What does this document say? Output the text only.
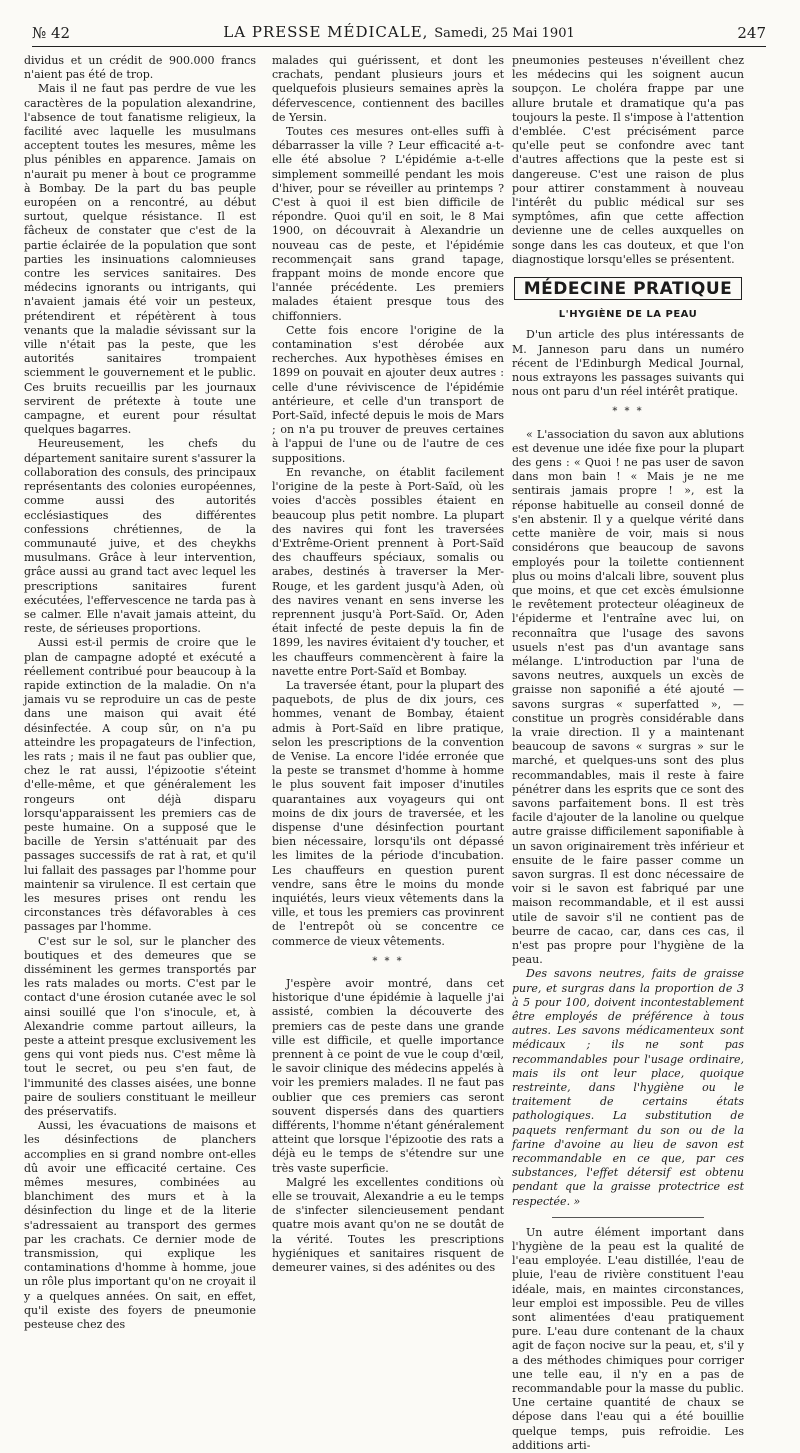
№ 42	LA PRESSE MÉDICALE, Samedi, 25 Mai 1901	247

dividus et un crédit de 900.000 francs n'aient pas été de trop.

Mais il ne faut pas perdre de vue les caractères de la population alexandrine, l'absence de tout fanatisme religieux, la facilité avec laquelle les musulmans acceptent toutes les mesures, même les plus pénibles en apparence. Jamais on n'aurait pu mener à bout ce programme à Bombay. De la part du bas peuple européen on a rencontré, au début surtout, quelque résistance. Il est fâcheux de constater que c'est de la partie éclairée de la population que sont parties les insinuations calomnieuses contre les services sanitaires. Des médecins ignorants ou intrigants, qui n'avaient jamais été voir un pesteux, prétendirent et répétèrent à tous venants que la maladie sévissant sur la ville n'était pas la peste, que les autorités sanitaires trompaient sciemment le gouvernement et le public. Ces bruits recueillis par les journaux servirent de prétexte à toute une campagne, et eurent pour résultat quelques bagarres.

Heureusement, les chefs du département sanitaire surent s'assurer la collaboration des consuls, des principaux représentants des colonies européennes, comme aussi des autorités ecclésiastiques des différentes confessions chrétiennes, de la communauté juive, et des cheykhs musulmans. Grâce à leur intervention, grâce aussi au grand tact avec lequel les prescriptions sanitaires furent exécutées, l'effervescence ne tarda pas à se calmer. Elle n'avait jamais atteint, du reste, de sérieuses proportions.

Aussi est-il permis de croire que le plan de campagne adopté et exécuté a réellement contribué pour beaucoup à la rapide extinction de la maladie. On n'a jamais vu se reproduire un cas de peste dans une maison qui avait été désinfectée. A coup sûr, on n'a pu atteindre les propagateurs de l'infection, les rats ; mais il ne faut pas oublier que, chez le rat aussi, l'épizootie s'éteint d'elle-même, et que généralement les rongeurs ont déjà disparu lorsqu'apparaissent les premiers cas de peste humaine. On a supposé que le bacille de Yersin s'atténuait par des passages successifs de rat à rat, et qu'il lui fallait des passages par l'homme pour maintenir sa virulence. Il est certain que les mesures prises ont rendu les circonstances très défavorables à ces passages par l'homme.

C'est sur le sol, sur le plancher des boutiques et des demeures que se disséminent les germes transportés par les rats malades ou morts. C'est par le contact d'une érosion cutanée avec le sol ainsi souillé que l'on s'inocule, et, à Alexandrie comme partout ailleurs, la peste a atteint presque exclusivement les gens qui vont pieds nus. C'est même là tout le secret, ou peu s'en faut, de l'immunité des classes aisées, une bonne paire de souliers constituant le meilleur des préservatifs.

Aussi, les évacuations de maisons et les désinfections de planchers accomplies en si grand nombre ont-elles dû avoir une efficacité certaine. Ces mêmes mesures, combinées au blanchiment des murs et à la désinfection du linge et de la literie s'adressaient au transport des germes par les crachats. Ce dernier mode de transmission, qui explique les contaminations d'homme à homme, joue un rôle plus important qu'on ne croyait il y a quelques années. On sait, en effet, qu'il existe des foyers de pneumonie pesteuse chez des

malades qui guérissent, et dont les crachats, pendant plusieurs jours et quelquefois plusieurs semaines après la défervescence, contiennent des bacilles de Yersin.

Toutes ces mesures ont-elles suffi à débarrasser la ville ? Leur efficacité a-t-elle été absolue ? L'épidémie a-t-elle simplement sommeillé pendant les mois d'hiver, pour se réveiller au printemps ? C'est à quoi il est bien difficile de répondre. Quoi qu'il en soit, le 8 Mai 1900, on découvrait à Alexandrie un nouveau cas de peste, et l'épidémie recommençait sans grand tapage, frappant moins de monde encore que l'année précédente. Les premiers malades étaient presque tous des chiffonniers.

Cette fois encore l'origine de la contamination s'est dérobée aux recherches. Aux hypothèses émises en 1899 on pouvait en ajouter deux autres : celle d'une réviviscence de l'épidémie antérieure, et celle d'un transport de Port-Saïd, infecté depuis le mois de Mars ; on n'a pu trouver de preuves certaines à l'appui de l'une ou de l'autre de ces suppositions.

En revanche, on établit facilement l'origine de la peste à Port-Saïd, où les voies d'accès possibles étaient en beaucoup plus petit nombre. La plupart des navires qui font les traversées d'Extrême-Orient prennent à Port-Saïd des chauffeurs spéciaux, somalis ou arabes, destinés à traverser la Mer-Rouge, et les gardent jusqu'à Aden, où des navires venant en sens inverse les reprennent jusqu'à Port-Saïd. Or, Aden était infecté de peste depuis la fin de 1899, les navires évitaient d'y toucher, et les chauffeurs commencèrent à faire la navette entre Port-Saïd et Bombay.

La traversée étant, pour la plupart des paquebots, de plus de dix jours, ces hommes, venant de Bombay, étaient admis à Port-Saïd en libre pratique, selon les prescriptions de la convention de Venise. La encore l'idée erronée que la peste se transmet d'homme à homme le plus souvent fait imposer d'inutiles quarantaines aux voyageurs qui ont moins de dix jours de traversée, et les dispense d'une désinfection pourtant bien nécessaire, lorsqu'ils ont dépassé les limites de la période d'incubation. Les chauffeurs en question purent vendre, sans être le moins du monde inquiétés, leurs vieux vêtements dans la ville, et tous les premiers cas provinrent de l'entrepôt où se concentre ce commerce de vieux vêtements.

* * *

J'espère avoir montré, dans cet historique d'une épidémie à laquelle j'ai assisté, combien la découverte des premiers cas de peste dans une grande ville est difficile, et quelle importance prennent à ce point de vue le coup d'œil, le savoir clinique des médecins appelés à voir les premiers malades. Il ne faut pas oublier que ces premiers cas seront souvent dispersés dans des quartiers différents, l'homme n'étant généralement atteint que lorsque l'épizootie des rats a déjà eu le temps de s'étendre sur une très vaste superficie.

Malgré les excellentes conditions où elle se trouvait, Alexandrie a eu le temps de s'infecter silencieusement pendant quatre mois avant qu'on ne se doutât de la vérité. Toutes les prescriptions hygiéniques et sanitaires risquent de demeurer vaines, si des adénites ou des

pneumonies pesteuses n'éveillent chez les médecins qui les soignent aucun soupçon. Le choléra frappe par une allure brutale et dramatique qu'a pas toujours la peste. Il s'impose à l'attention d'emblée. C'est précisément parce qu'elle peut se confondre avec tant d'autres affections que la peste est si dangereuse. C'est une raison de plus pour attirer constamment à nouveau l'intérêt du public médical sur ses symptômes, afin que cette affection devienne une de celles auxquelles on songe dans les cas douteux, et que l'on diagnostique lorsqu'elles se présentent.

MÉDECINE PRATIQUE
L'HYGIÈNE DE LA PEAU

D'un article des plus intéressants de M. Janneson paru dans un numéro récent de l'Edinburgh Medical Journal, nous extrayons les passages suivants qui nous ont paru d'un réel intérêt pratique.

* * *

« L'association du savon aux ablutions est devenue une idée fixe pour la plupart des gens : « Quoi ! ne pas user de savon dans mon bain ! « Mais je ne me sentirais jamais propre ! », est la réponse habituelle au conseil donné de s'en abstenir. Il y a quelque vérité dans cette manière de voir, mais si nous considérons que beaucoup de savons employés pour la toilette contiennent plus ou moins d'alcali libre, souvent plus que moins, et que cet excès émulsionne le revêtement protecteur oléagineux de l'épiderme et l'entraîne avec lui, on reconnaîtra que l'usage des savons usuels n'est pas d'un avantage sans mélange. L'introduction par l'una de savons neutres, auxquels un excès de graisse non saponifié a été ajouté — savons surgras « superfatted », — constitue un progrès considérable dans la vraie direction. Il y a maintenant beaucoup de savons « surgras » sur le marché, et quelques-uns sont des plus recommandables, mais il reste à faire pénétrer dans les esprits que ce sont des savons parfaitement bons. Il est très facile d'ajouter de la lanoline ou quelque autre graisse difficilement saponifiable à un savon originairement très inférieur et ensuite de le faire passer comme un savon surgras. Il est donc nécessaire de voir si le savon est fabriqué par une maison recommandable, et il est aussi utile de savoir s'il ne contient pas de beurre de cacao, car, dans ces cas, il n'est pas propre pour l'hygiène de la peau.

Des savons neutres, faits de graisse pure, et surgras dans la proportion de 3 à 5 pour 100, doivent incontestablement être employés de préférence à tous autres. Les savons médicamenteux sont médicaux ; ils ne sont pas recommandables pour l'usage ordinaire, mais ils ont leur place, quoique restreinte, dans l'hygiène ou le traitement de certains états pathologiques. La substitution de paquets renfermant du son ou de la farine d'avoine au lieu de savon est recommandable en ce que, par ces substances, l'effet détersif est obtenu pendant que la graisse protectrice est respectée. »

Un autre élément important dans l'hygiène de la peau est la qualité de l'eau employée. L'eau distillée, l'eau de pluie, l'eau de rivière constituent l'eau idéale, mais, en maintes circonstances, leur emploi est impossible. Peu de villes sont alimentées d'eau pratiquement pure. L'eau dure contenant de la chaux agit de façon nocive sur la peau, et, s'il y a des méthodes chimiques pour corriger une telle eau, il n'y en a pas de recommandable pour la masse du public. Une certaine quantité de chaux se dépose dans l'eau qui a été bouillie quelque temps, puis refroidie. Les additions arti-
